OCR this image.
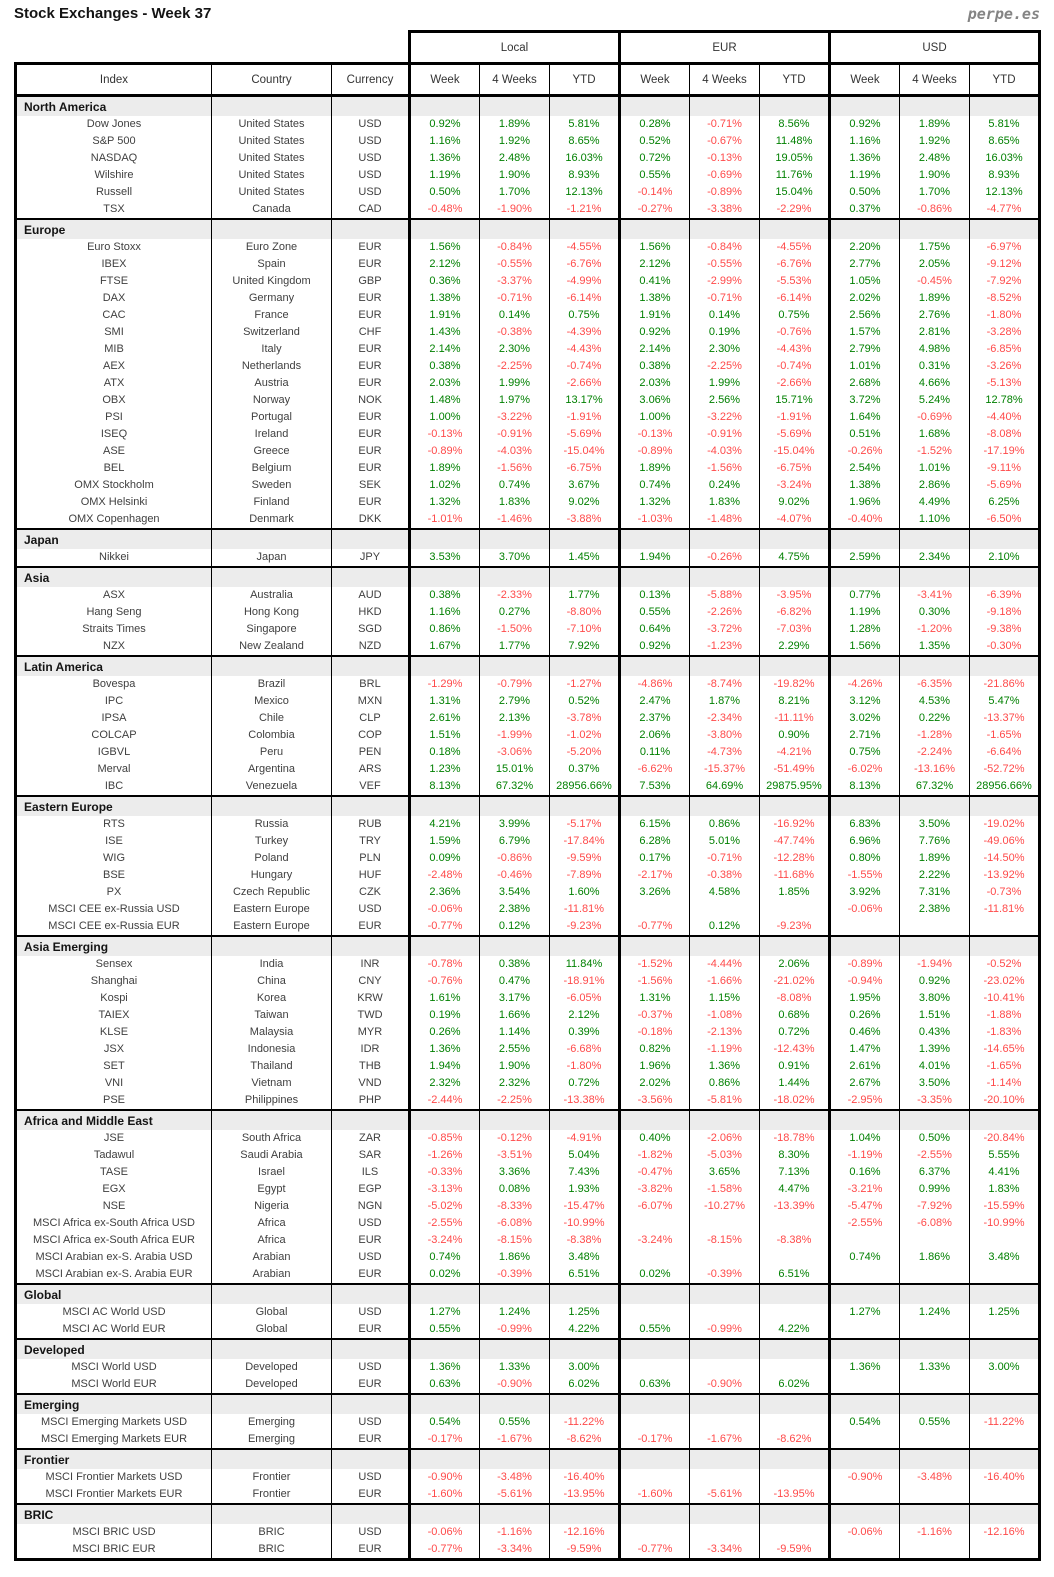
Stock Exchanges - Week 37	perpe.es
			Local			EUR			USD		
Index	Country	Currency	Week	4 Weeks	YTD	Week	4 Weeks	YTD	Week	4 Weeks	YTD
North America											
Dow Jones	United States	USD	0.92%	1.89%	5.81%	0.28%	-0.71%	8.56%	0.92%	1.89%	5.81%
S&P 500	United States	USD	1.16%	1.92%	8.65%	0.52%	-0.67%	11.48%	1.16%	1.92%	8.65%
NASDAQ	United States	USD	1.36%	2.48%	16.03%	0.72%	-0.13%	19.05%	1.36%	2.48%	16.03%
Wilshire	United States	USD	1.19%	1.90%	8.93%	0.55%	-0.69%	11.76%	1.19%	1.90%	8.93%
Russell	United States	USD	0.50%	1.70%	12.13%	-0.14%	-0.89%	15.04%	0.50%	1.70%	12.13%
TSX	Canada	CAD	-0.48%	-1.90%	-1.21%	-0.27%	-3.38%	-2.29%	0.37%	-0.86%	-4.77%
Europe											
Euro Stoxx	Euro Zone	EUR	1.56%	-0.84%	-4.55%	1.56%	-0.84%	-4.55%	2.20%	1.75%	-6.97%
IBEX	Spain	EUR	2.12%	-0.55%	-6.76%	2.12%	-0.55%	-6.76%	2.77%	2.05%	-9.12%
FTSE	United Kingdom	GBP	0.36%	-3.37%	-4.99%	0.41%	-2.99%	-5.53%	1.05%	-0.45%	-7.92%
DAX	Germany	EUR	1.38%	-0.71%	-6.14%	1.38%	-0.71%	-6.14%	2.02%	1.89%	-8.52%
CAC	France	EUR	1.91%	0.14%	0.75%	1.91%	0.14%	0.75%	2.56%	2.76%	-1.80%
SMI	Switzerland	CHF	1.43%	-0.38%	-4.39%	0.92%	0.19%	-0.76%	1.57%	2.81%	-3.28%
MIB	Italy	EUR	2.14%	2.30%	-4.43%	2.14%	2.30%	-4.43%	2.79%	4.98%	-6.85%
AEX	Netherlands	EUR	0.38%	-2.25%	-0.74%	0.38%	-2.25%	-0.74%	1.01%	0.31%	-3.26%
ATX	Austria	EUR	2.03%	1.99%	-2.66%	2.03%	1.99%	-2.66%	2.68%	4.66%	-5.13%
OBX	Norway	NOK	1.48%	1.97%	13.17%	3.06%	2.56%	15.71%	3.72%	5.24%	12.78%
PSI	Portugal	EUR	1.00%	-3.22%	-1.91%	1.00%	-3.22%	-1.91%	1.64%	-0.69%	-4.40%
ISEQ	Ireland	EUR	-0.13%	-0.91%	-5.69%	-0.13%	-0.91%	-5.69%	0.51%	1.68%	-8.08%
ASE	Greece	EUR	-0.89%	-4.03%	-15.04%	-0.89%	-4.03%	-15.04%	-0.26%	-1.52%	-17.19%
BEL	Belgium	EUR	1.89%	-1.56%	-6.75%	1.89%	-1.56%	-6.75%	2.54%	1.01%	-9.11%
OMX Stockholm	Sweden	SEK	1.02%	0.74%	3.67%	0.74%	0.24%	-3.24%	1.38%	2.86%	-5.69%
OMX Helsinki	Finland	EUR	1.32%	1.83%	9.02%	1.32%	1.83%	9.02%	1.96%	4.49%	6.25%
OMX Copenhagen	Denmark	DKK	-1.01%	-1.46%	-3.88%	-1.03%	-1.48%	-4.07%	-0.40%	1.10%	-6.50%
Japan											
Nikkei	Japan	JPY	3.53%	3.70%	1.45%	1.94%	-0.26%	4.75%	2.59%	2.34%	2.10%
Asia											
ASX	Australia	AUD	0.38%	-2.33%	1.77%	0.13%	-5.88%	-3.95%	0.77%	-3.41%	-6.39%
Hang Seng	Hong Kong	HKD	1.16%	0.27%	-8.80%	0.55%	-2.26%	-6.82%	1.19%	0.30%	-9.18%
Straits Times	Singapore	SGD	0.86%	-1.50%	-7.10%	0.64%	-3.72%	-7.03%	1.28%	-1.20%	-9.38%
NZX	New Zealand	NZD	1.67%	1.77%	7.92%	0.92%	-1.23%	2.29%	1.56%	1.35%	-0.30%
Latin America											
Bovespa	Brazil	BRL	-1.29%	-0.79%	-1.27%	-4.86%	-8.74%	-19.82%	-4.26%	-6.35%	-21.86%
IPC	Mexico	MXN	1.31%	2.79%	0.52%	2.47%	1.87%	8.21%	3.12%	4.53%	5.47%
IPSA	Chile	CLP	2.61%	2.13%	-3.78%	2.37%	-2.34%	-11.11%	3.02%	0.22%	-13.37%
COLCAP	Colombia	COP	1.51%	-1.99%	-1.02%	2.06%	-3.80%	0.90%	2.71%	-1.28%	-1.65%
IGBVL	Peru	PEN	0.18%	-3.06%	-5.20%	0.11%	-4.73%	-4.21%	0.75%	-2.24%	-6.64%
Merval	Argentina	ARS	1.23%	15.01%	0.37%	-6.62%	-15.37%	-51.49%	-6.02%	-13.16%	-52.72%
IBC	Venezuela	VEF	8.13%	67.32%	28956.66%	7.53%	64.69%	29875.95%	8.13%	67.32%	28956.66%
Eastern Europe											
RTS	Russia	RUB	4.21%	3.99%	-5.17%	6.15%	0.86%	-16.92%	6.83%	3.50%	-19.02%
ISE	Turkey	TRY	1.59%	6.79%	-17.84%	6.28%	5.01%	-47.74%	6.96%	7.76%	-49.06%
WIG	Poland	PLN	0.09%	-0.86%	-9.59%	0.17%	-0.71%	-12.28%	0.80%	1.89%	-14.50%
BSE	Hungary	HUF	-2.48%	-0.46%	-7.89%	-2.17%	-0.38%	-11.68%	-1.55%	2.22%	-13.92%
PX	Czech Republic	CZK	2.36%	3.54%	1.60%	3.26%	4.58%	1.85%	3.92%	7.31%	-0.73%
MSCI CEE ex-Russia USD	Eastern Europe	USD	-0.06%	2.38%	-11.81%				-0.06%	2.38%	-11.81%
MSCI CEE ex-Russia EUR	Eastern Europe	EUR	-0.77%	0.12%	-9.23%	-0.77%	0.12%	-9.23%			
Asia Emerging											
Sensex	India	INR	-0.78%	0.38%	11.84%	-1.52%	-4.44%	2.06%	-0.89%	-1.94%	-0.52%
Shanghai	China	CNY	-0.76%	0.47%	-18.91%	-1.56%	-1.66%	-21.02%	-0.94%	0.92%	-23.02%
Kospi	Korea	KRW	1.61%	3.17%	-6.05%	1.31%	1.15%	-8.08%	1.95%	3.80%	-10.41%
TAIEX	Taiwan	TWD	0.19%	1.66%	2.12%	-0.37%	-1.08%	0.68%	0.26%	1.51%	-1.88%
KLSE	Malaysia	MYR	0.26%	1.14%	0.39%	-0.18%	-2.13%	0.72%	0.46%	0.43%	-1.83%
JSX	Indonesia	IDR	1.36%	2.55%	-6.68%	0.82%	-1.19%	-12.43%	1.47%	1.39%	-14.65%
SET	Thailand	THB	1.94%	1.90%	-1.80%	1.96%	1.36%	0.91%	2.61%	4.01%	-1.65%
VNI	Vietnam	VND	2.32%	2.32%	0.72%	2.02%	0.86%	1.44%	2.67%	3.50%	-1.14%
PSE	Philippines	PHP	-2.44%	-2.25%	-13.38%	-3.56%	-5.81%	-18.02%	-2.95%	-3.35%	-20.10%
Africa and Middle East											
JSE	South Africa	ZAR	-0.85%	-0.12%	-4.91%	0.40%	-2.06%	-18.78%	1.04%	0.50%	-20.84%
Tadawul	Saudi Arabia	SAR	-1.26%	-3.51%	5.04%	-1.82%	-5.03%	8.30%	-1.19%	-2.55%	5.55%
TASE	Israel	ILS	-0.33%	3.36%	7.43%	-0.47%	3.65%	7.13%	0.16%	6.37%	4.41%
EGX	Egypt	EGP	-3.13%	0.08%	1.93%	-3.82%	-1.58%	4.47%	-3.21%	0.99%	1.83%
NSE	Nigeria	NGN	-5.02%	-8.33%	-15.47%	-6.07%	-10.27%	-13.39%	-5.47%	-7.92%	-15.59%
MSCI Africa ex-South Africa USD	Africa	USD	-2.55%	-6.08%	-10.99%				-2.55%	-6.08%	-10.99%
MSCI Africa ex-South Africa EUR	Africa	EUR	-3.24%	-8.15%	-8.38%	-3.24%	-8.15%	-8.38%			
MSCI Arabian ex-S. Arabia USD	Arabian	USD	0.74%	1.86%	3.48%				0.74%	1.86%	3.48%
MSCI Arabian ex-S. Arabia EUR	Arabian	EUR	0.02%	-0.39%	6.51%	0.02%	-0.39%	6.51%			
Global											
MSCI AC World USD	Global	USD	1.27%	1.24%	1.25%				1.27%	1.24%	1.25%
MSCI AC World EUR	Global	EUR	0.55%	-0.99%	4.22%	0.55%	-0.99%	4.22%			
Developed											
MSCI World USD	Developed	USD	1.36%	1.33%	3.00%				1.36%	1.33%	3.00%
MSCI World EUR	Developed	EUR	0.63%	-0.90%	6.02%	0.63%	-0.90%	6.02%			
Emerging											
MSCI Emerging Markets USD	Emerging	USD	0.54%	0.55%	-11.22%				0.54%	0.55%	-11.22%
MSCI Emerging Markets EUR	Emerging	EUR	-0.17%	-1.67%	-8.62%	-0.17%	-1.67%	-8.62%			
Frontier											
MSCI Frontier Markets USD	Frontier	USD	-0.90%	-3.48%	-16.40%				-0.90%	-3.48%	-16.40%
MSCI Frontier Markets EUR	Frontier	EUR	-1.60%	-5.61%	-13.95%	-1.60%	-5.61%	-13.95%			
BRIC											
MSCI BRIC USD	BRIC	USD	-0.06%	-1.16%	-12.16%				-0.06%	-1.16%	-12.16%
MSCI BRIC EUR	BRIC	EUR	-0.77%	-3.34%	-9.59%	-0.77%	-3.34%	-9.59%			
